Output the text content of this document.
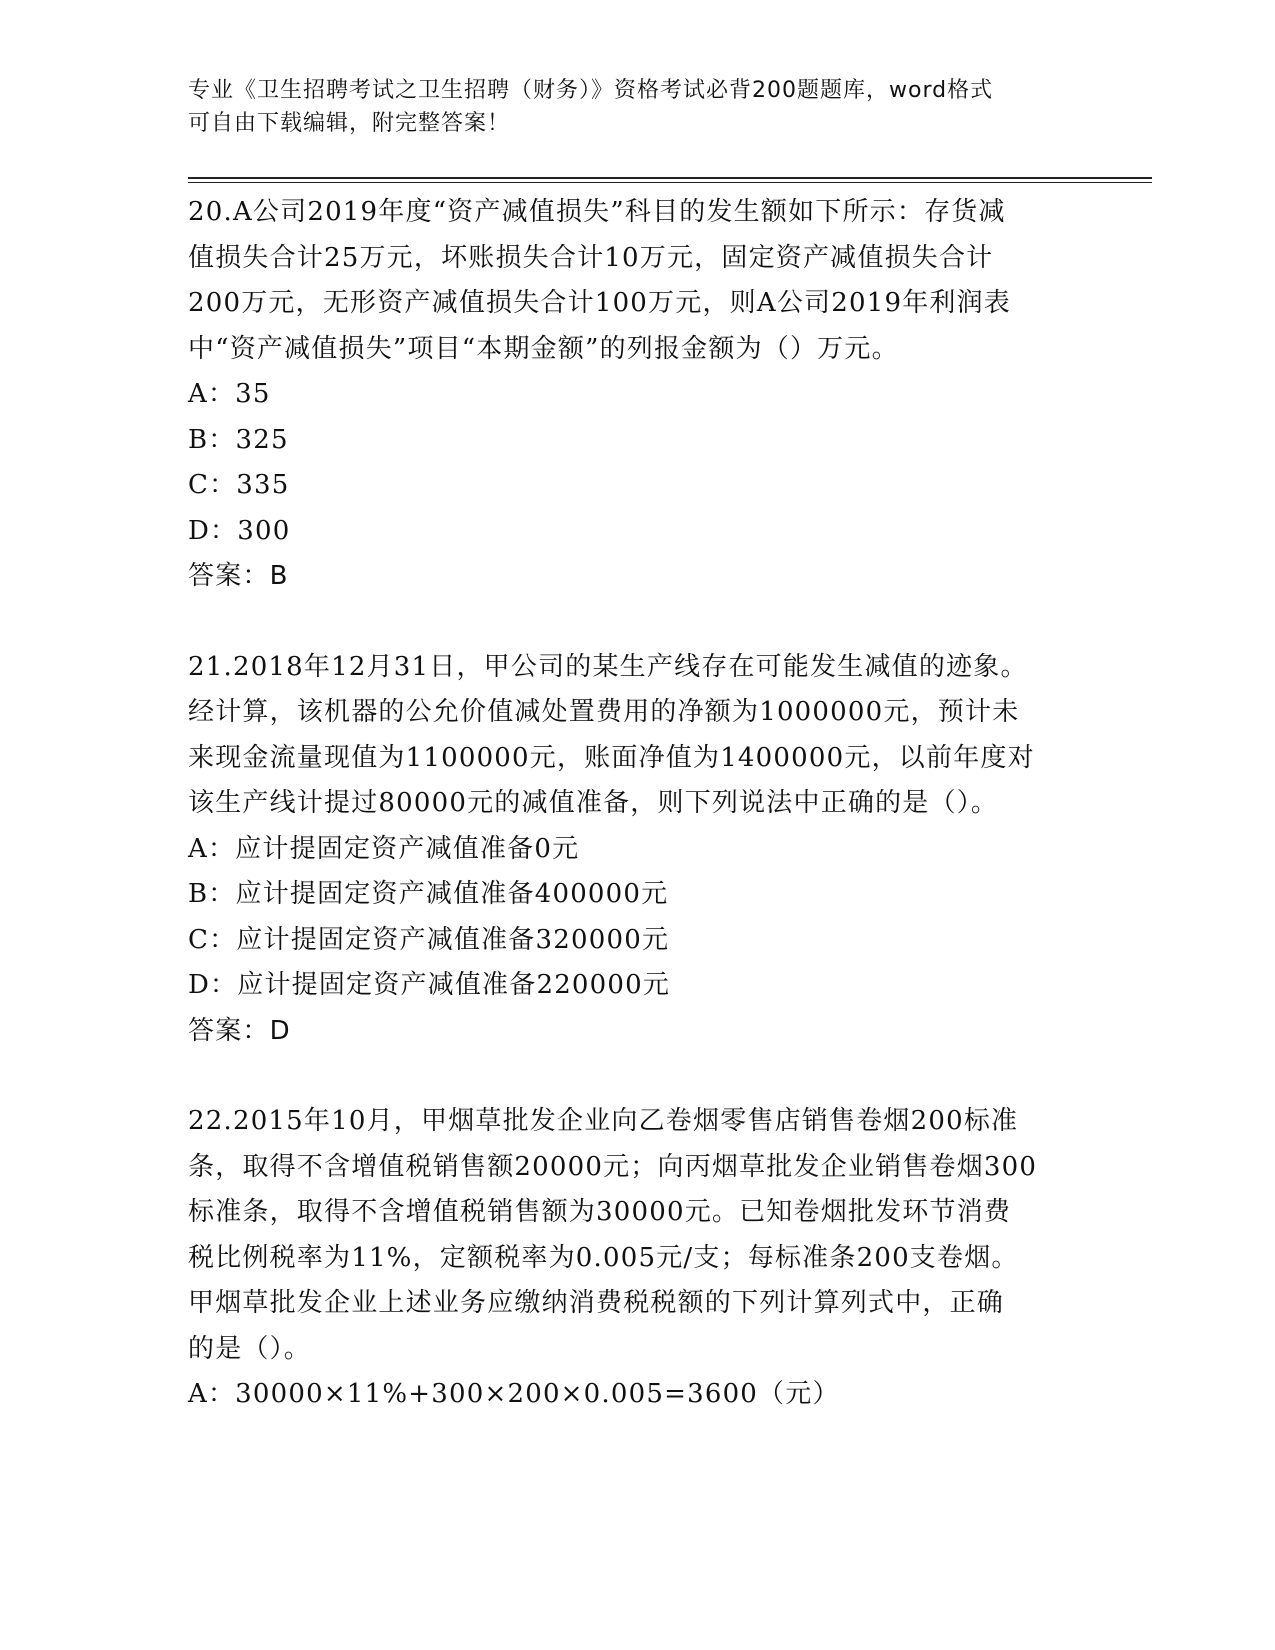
专业《卫生招聘考试之卫生招聘（财务）》资格考试必背200题题库，word格式
可自由下载编辑，附完整答案！

20.A公司2019年度“资产减值损失”科目的发生额如下所示：存货减

值损失合计25万元，坏账损失合计10万元，固定资产减值损失合计

200万元，无形资产减值损失合计100万元，则A公司2019年利润表

中“资产减值损失”项目“本期金额”的列报金额为（）万元。

A：35

B：325

C：335

D：300

答案：B

21.2018年12月31日，甲公司的某生产线存在可能发生减值的迹象。

经计算，该机器的公允价值减处置费用的净额为1000000元，预计未

来现金流量现值为1100000元，账面净值为1400000元，以前年度对

该生产线计提过80000元的减值准备，则下列说法中正确的是（）。

A：应计提固定资产减值准备0元

B：应计提固定资产减值准备400000元

C：应计提固定资产减值准备320000元

D：应计提固定资产减值准备220000元

答案：D

22.2015年10月，甲烟草批发企业向乙卷烟零售店销售卷烟200标准

条，取得不含增值税销售额20000元；向丙烟草批发企业销售卷烟300

标准条，取得不含增值税销售额为30000元。已知卷烟批发环节消费

税比例税率为11%，定额税率为0.005元/支；每标准条200支卷烟。

甲烟草批发企业上述业务应缴纳消费税税额的下列计算列式中，正确

的是（）。

A：30000×11%+300×200×0.005=3600（元）
